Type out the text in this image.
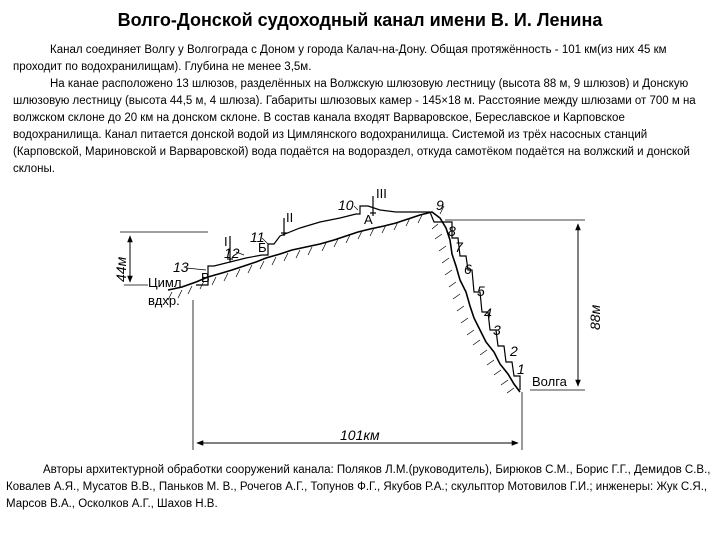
Волго-Донской судоходный канал имени В. И. Ленина

Канал соединяет Волгу у Волгограда с Доном у города Калач-на-Дону. Общая протяжённость - 101 км(из них 45 км проходит по водохранилищам). Глубина не менее 3,5м.

На канае расположено 13 шлюзов, разделённых на Волжскую шлюзовую лестницу (высота 88 м, 9 шлюзов) и Донскую шлюзовую лестницу (высота 44,5 м, 4 шлюза). Габариты шлюзовых камер - 145×18 м. Расстояние между шлюзами от 700 м на волжском склоне до 20 км на донском склоне. В состав канала входят Варваровское, Береславское и Карповское водохранилища. Канал питается донской водой из Цимлянского водохранилища. Системой из трёх насосных станций (Карповской, Мариновской и Варваровской) вода подаётся на водораздел, откуда самотёком подаётся на волжский и донской склоны.

44м
88м
101км
I
II
III
В
Б
А
Цимл.
вдхр.
Волга
1
2
3
4
5
6
7
8
9
10
11
12
13

Авторы архитектурной обработки сооружений канала: Поляков Л.М.(руководитель), Бирюков С.М., Борис Г.Г., Демидов С.В., Ковалев А.Я., Мусатов В.В., Паньков М. В., Рочегов А.Г., Топунов Ф.Г., Якубов Р.А.; скульптор Мотовилов Г.И.; инженеры: Жук С.Я., Марсов В.А., Осколков А.Г., Шахов Н.В.
